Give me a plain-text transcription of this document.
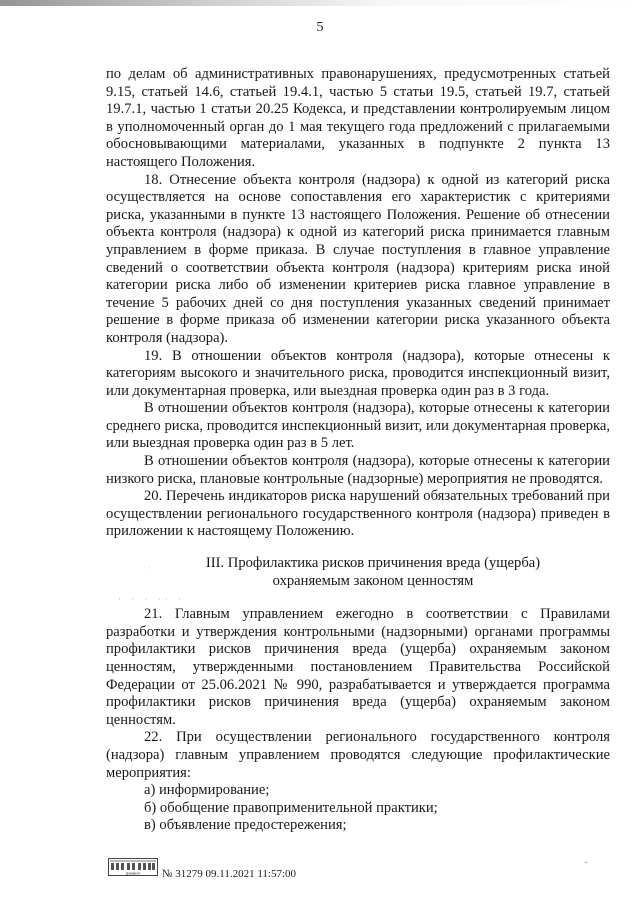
5

по делам об административных правонарушениях, предусмотренных статьей 9.15, статьей 14.6, статьей 19.4.1, частью 5 статьи 19.5, статьей 19.7, статьей 19.7.1, частью 1 статьи 20.25 Кодекса, и представлении контролируемым лицом в уполномоченный орган до 1 мая текущего года предложений с прилагаемыми обосновывающими материалами, указанных в подпункте 2 пункта 13 настоящего Положения.

18. Отнесение объекта контроля (надзора) к одной из категорий риска осуществляется на основе сопоставления его характеристик с критериями риска, указанными в пункте 13 настоящего Положения. Решение об отнесении объекта контроля (надзора) к одной из категорий риска принимается главным управлением в форме приказа. В случае поступления в главное управление сведений о соответствии объекта контроля (надзора) критериям риска иной категории риска либо об изменении критериев риска главное управление в течение 5 рабочих дней со дня поступления указанных сведений принимает решение в форме приказа об изменении категории риска указанного объекта контроля (надзора).

19. В отношении объектов контроля (надзора), которые отнесены к категориям высокого и значительного риска, проводится инспекционный визит, или документарная проверка, или выездная проверка один раз в 3 года.

В отношении объектов контроля (надзора), которые отнесены к категории среднего риска, проводится инспекционный визит, или документарная проверка, или выездная проверка один раз в 5 лет.

В отношении объектов контроля (надзора), которые отнесены к категории низкого риска, плановые контрольные (надзорные) мероприятия не проводятся.

20. Перечень индикаторов риска нарушений обязательных требований при осуществлении регионального государственного контроля (надзора) приведен в приложении к настоящему Положению.

III. Профилактика рисков причинения вреда (ущерба)
охраняемым законом ценностям

21. Главным управлением ежегодно в соответствии с Правилами разработки и утверждения контрольными (надзорными) органами программы профилактики рисков причинения вреда (ущерба) охраняемым законом ценностям, утвержденными постановлением Правительства Российской Федерации от 25.06.2021 № 990, разрабатывается и утверждается программа профилактики рисков причинения вреда (ущерба) охраняемым законом ценностям.

22. При осуществлении регионального государственного контроля (надзора) главным управлением проводятся следующие профилактические мероприятия:

а) информирование;

б) обобщение правоприменительной практики;

в) объявление предостережения;

·
· · · ·· ·
Документ № 31279 09.11.2021 11:57:00
·
